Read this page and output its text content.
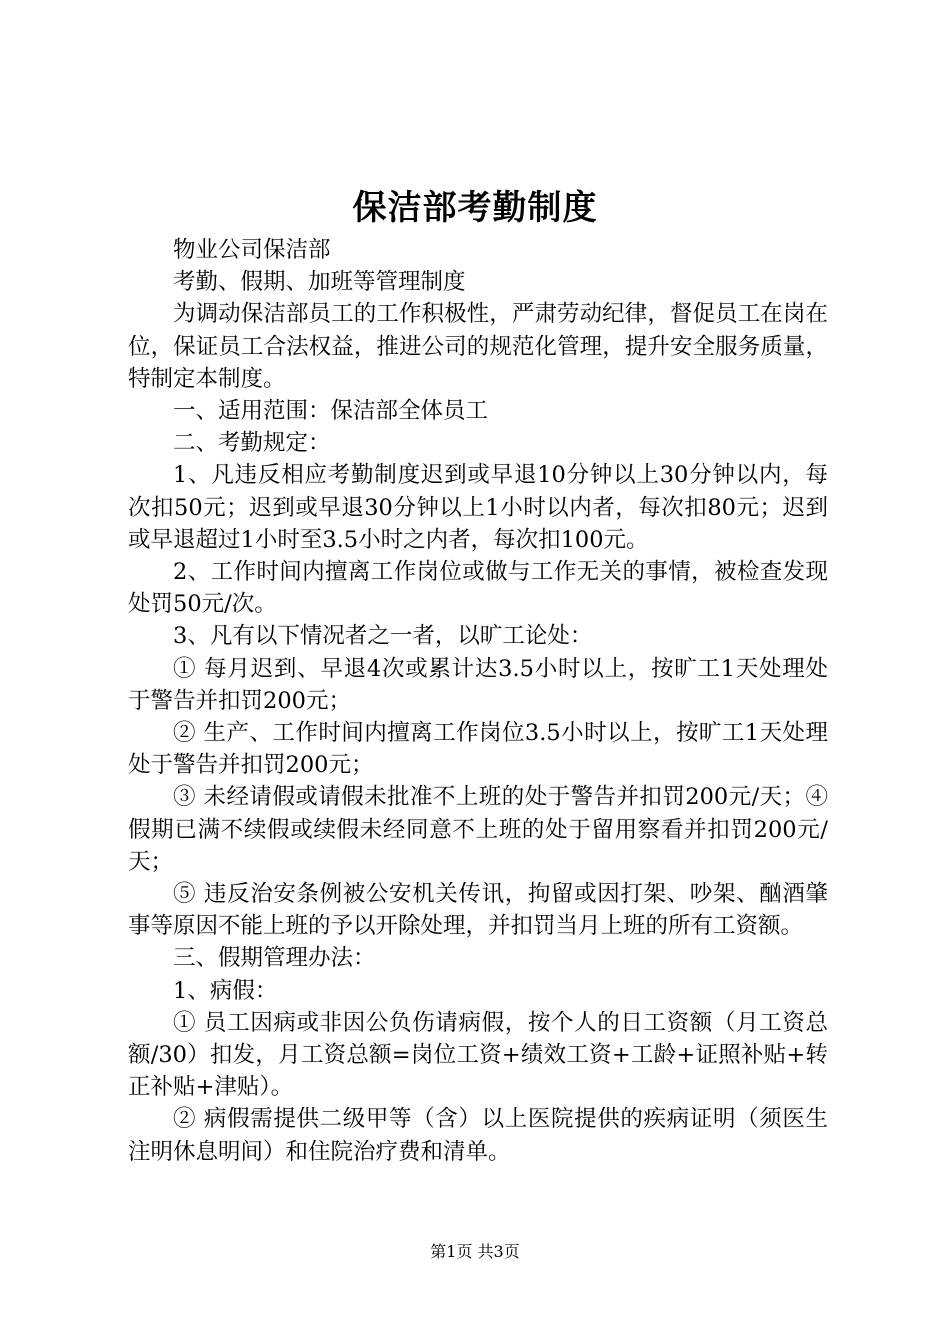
保洁部考勤制度

物业公司保洁部

考勤、假期、加班等管理制度

为调动保洁部员工的工作积极性，严肃劳动纪律，督促员工在岗在位，保证员工合法权益，推进公司的规范化管理，提升安全服务质量，特制定本制度。

一、适用范围：保洁部全体员工

二、考勤规定：

1、凡违反相应考勤制度迟到或早退10分钟以上30分钟以内，每次扣50元；迟到或早退30分钟以上1小时以内者，每次扣80元；迟到或早退超过1小时至3.5小时之内者，每次扣100元。

2、工作时间内擅离工作岗位或做与工作无关的事情，被检查发现处罚50元/次。

3、凡有以下情况者之一者，以旷工论处：

① 每月迟到、早退4次或累计达3.5小时以上，按旷工1天处理处于警告并扣罚200元；

② 生产、工作时间内擅离工作岗位3.5小时以上，按旷工1天处理处于警告并扣罚200元；

③ 未经请假或请假未批准不上班的处于警告并扣罚200元/天；④假期已满不续假或续假未经同意不上班的处于留用察看并扣罚200元/天；

⑤ 违反治安条例被公安机关传讯，拘留或因打架、吵架、酗酒肇事等原因不能上班的予以开除处理，并扣罚当月上班的所有工资额。

三、假期管理办法：

1、病假：

① 员工因病或非因公负伤请病假，按个人的日工资额（月工资总额/30）扣发，月工资总额=岗位工资+绩效工资+工龄+证照补贴+转正补贴+津贴）。

② 病假需提供二级甲等（含）以上医院提供的疾病证明（须医生注明休息明间）和住院治疗费和清单。

第1页 共3页
